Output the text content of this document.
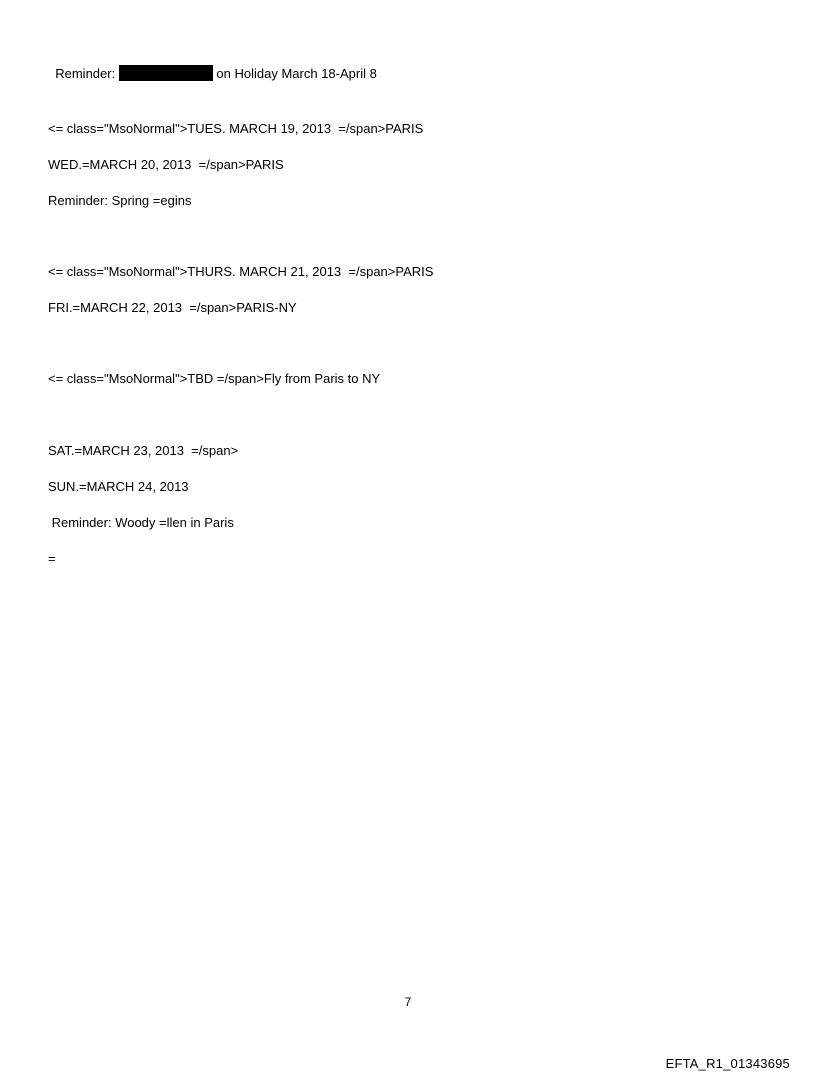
Reminder:	on Holiday March 18-April 8

<= class="MsoNormal">TUES. MARCH 19, 2013  =/span>PARIS
WED.=MARCH 20, 2013  =/span>PARIS
Reminder: Spring =egins
<= class="MsoNormal">THURS. MARCH 21, 2013  =/span>PARIS
FRI.=MARCH 22, 2013  =/span>PARIS-NY
<= class="MsoNormal">TBD =/span>Fly from Paris to NY
SAT.=MARCH 23, 2013  =/span>
SUN.=MARCH 24, 2013
Reminder: Woody =llen in Paris
=
7
EFTA_R1_01343695
